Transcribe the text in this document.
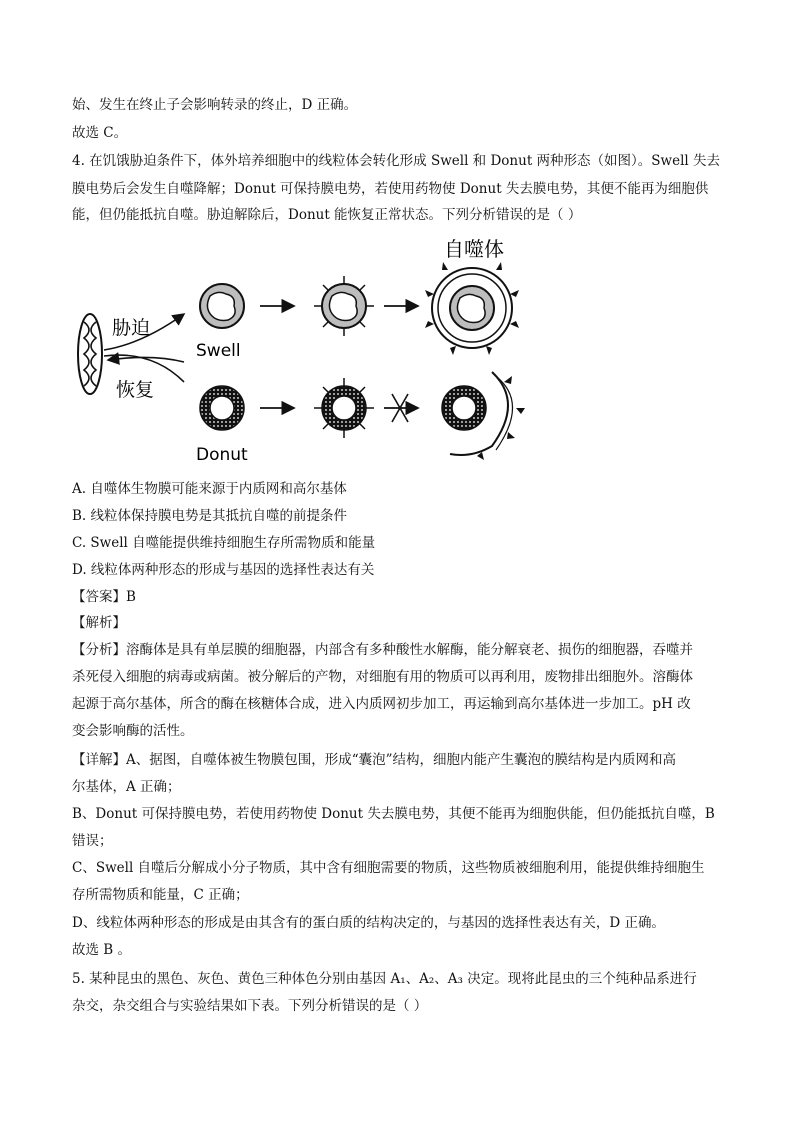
始、发生在终止子会影响转录的终止，D 正确。
故选 C。
4. 在饥饿胁迫条件下，体外培养细胞中的线粒体会转化形成 Swell 和 Donut 两种形态（如图）。Swell 失去
膜电势后会发生自噬降解；Donut 可保持膜电势，若使用药物使 Donut 失去膜电势，其便不能再为细胞供
能，但仍能抵抗自噬。胁迫解除后，Donut 能恢复正常状态。下列分析错误的是（ ）
自噬体
胁迫
恢复
Swell
Donut
A. 自噬体生物膜可能来源于内质网和高尔基体
B. 线粒体保持膜电势是其抵抗自噬的前提条件
C. Swell 自噬能提供维持细胞生存所需物质和能量
D. 线粒体两种形态的形成与基因的选择性表达有关
【答案】B
【解析】
【分析】溶酶体是具有单层膜的细胞器，内部含有多种酸性水解酶，能分解衰老、损伤的细胞器，吞噬并
杀死侵入细胞的病毒或病菌。被分解后的产物，对细胞有用的物质可以再利用，废物排出细胞外。溶酶体
起源于高尔基体，所含的酶在核糖体合成，进入内质网初步加工，再运输到高尔基体进一步加工。pH 改
变会影响酶的活性。
【详解】A、据图，自噬体被生物膜包围，形成“囊泡”结构，细胞内能产生囊泡的膜结构是内质网和高
尔基体，A 正确；
B、Donut 可保持膜电势，若使用药物使 Donut 失去膜电势，其便不能再为细胞供能，但仍能抵抗自噬，B
错误；
C、Swell 自噬后分解成小分子物质，其中含有细胞需要的物质，这些物质被细胞利用，能提供维持细胞生
存所需物质和能量，C 正确；
D、线粒体两种形态的形成是由其含有的蛋白质的结构决定的，与基因的选择性表达有关，D 正确。
故选 B 。
5. 某种昆虫的黑色、灰色、黄色三种体色分别由基因 A₁、A₂、A₃ 决定。现将此昆虫的三个纯种品系进行
杂交，杂交组合与实验结果如下表。下列分析错误的是（ ）
